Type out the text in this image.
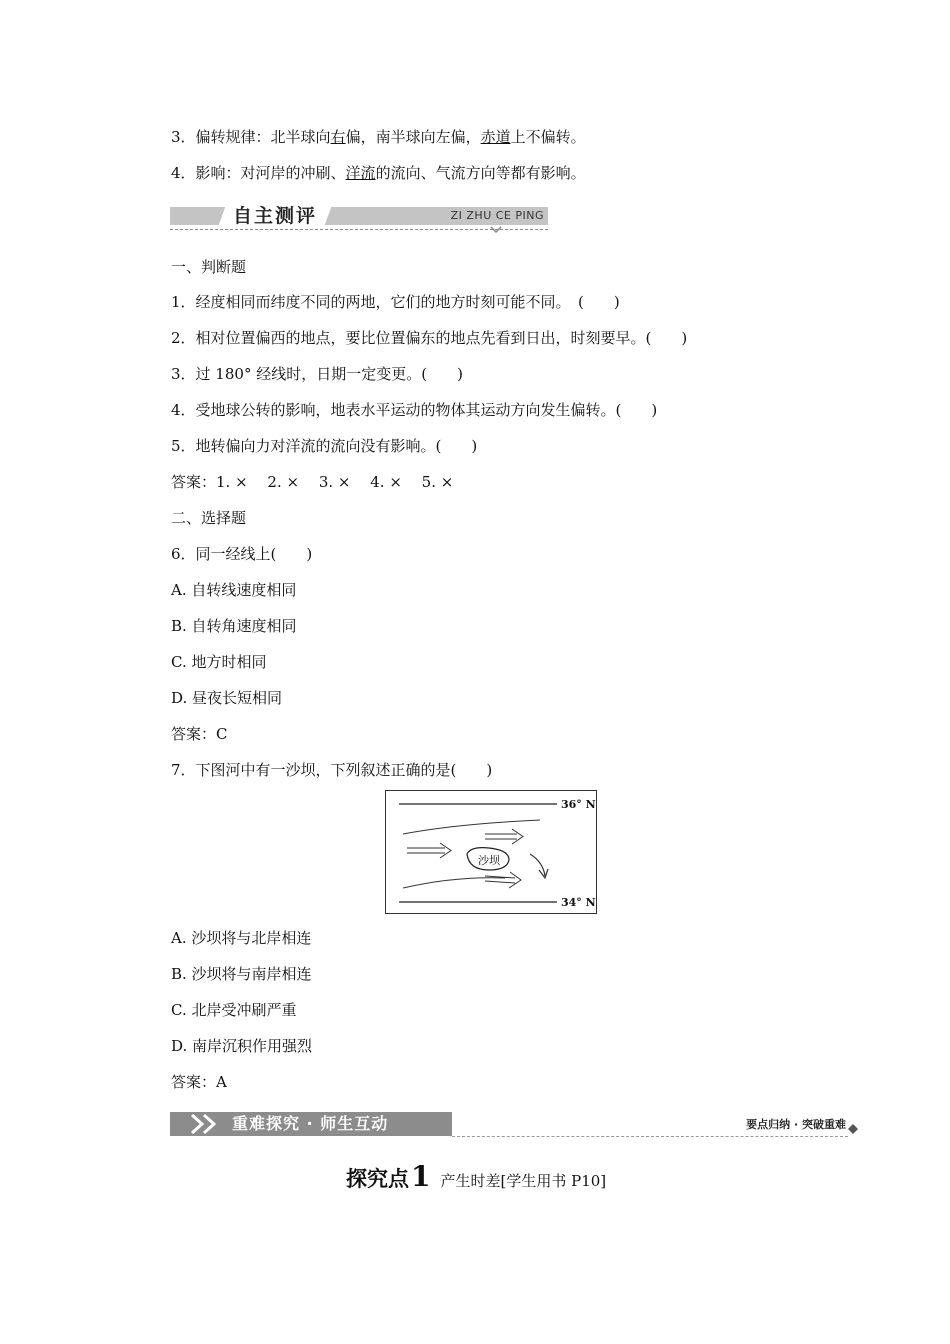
3．偏转规律：北半球向右偏，南半球向左偏，赤道上不偏转。
4．影响：对河岸的冲刷、洋流的流向、气流方向等都有影响。
自主测评	ZI ZHU CE PING
一、判断题
1．经度相同而纬度不同的两地，它们的地方时刻可能不同。　(　　)
2．相对位置偏西的地点，要比位置偏东的地点先看到日出，时刻要早。(　　)
3．过 180° 经线时，日期一定变更。(　　)
4．受地球公转的影响，地表水平运动的物体其运动方向发生偏转。(　　)
5．地转偏向力对洋流的流向没有影响。(　　)
答案：1. ×　 2. ×　 3. ×　 4. ×　 5. ×
二、选择题
6．同一经线上(　　)
A. 自转线速度相同
B. 自转角速度相同
C. 地方时相同
D. 昼夜长短相同
答案：C
7．下图河中有一沙坝，下列叙述正确的是(　　)
36° N
34° N
沙坝
A. 沙坝将与北岸相连
B. 沙坝将与南岸相连
C. 北岸受冲刷严重
D. 南岸沉积作用强烈
答案：A
重难探究 · 师生互动	要点归纳 · 突破重难
探究点1 产生时差[学生用书 P10]
